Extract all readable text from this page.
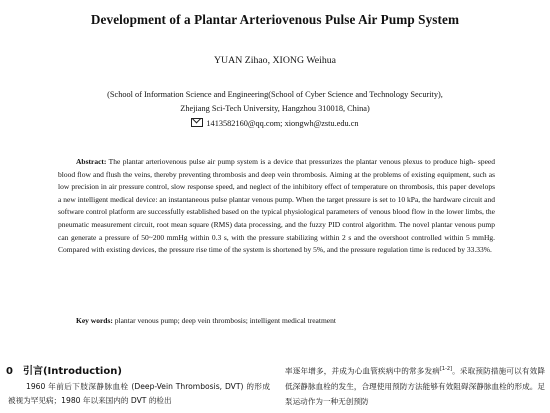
Development of a Plantar Arteriovenous Pulse Air Pump System
YUAN Zihao, XIONG Weihua
(School of Information Science and Engineering(School of Cyber Science and Technology Security),
Zhejiang Sci-Tech University, Hangzhou 310018, China)
1413582160@qq.com; xiongwh@zstu.edu.cn
Abstract: The plantar arteriovenous pulse air pump system is a device that pressurizes the plantar venous plexus to produce high- speed blood flow and flush the veins, thereby preventing thrombosis and deep vein thrombosis. Aiming at the problems of existing equipment, such as low precision in air pressure control, slow response speed, and neglect of the inhibitory effect of temperature on thrombosis, this paper develops a new intelligent medical device: an instantaneous pulse plantar venous pump. When the target pressure is set to 10 kPa, the hardware circuit and software control platform are successfully established based on the typical physiological parameters of venous blood flow in the lower limbs, the pneumatic measurement circuit, root mean square (RMS) data processing, and the fuzzy PID control algorithm. The novel plantar venous pump can generate a pressure of 50~200 mmHg within 0.3 s, with the pressure stabilizing within 2 s and the overshoot controlled within 5 mmHg. Compared with existing devices, the pressure rise time of the system is shortened by 5%, and the pressure regulation time is reduced by 33.33%.
Key words: plantar venous pump; deep vein thrombosis; intelligent medical treatment
0　引言(Introduction)
1960 年前后下肢深静脉血栓 (Deep-Vein Thrombosis, DVT) 的形成被视为罕见病；1980 年以来国内的 DVT 的检出
率逐年增多，并成为心血管疾病中的常多发病[1-2]。采取预防措施可以有效降低深静脉血栓的发生，合理使用预防方法能够有效阻碍深静脉血栓的形成。足泵运动作为一种无创预防
